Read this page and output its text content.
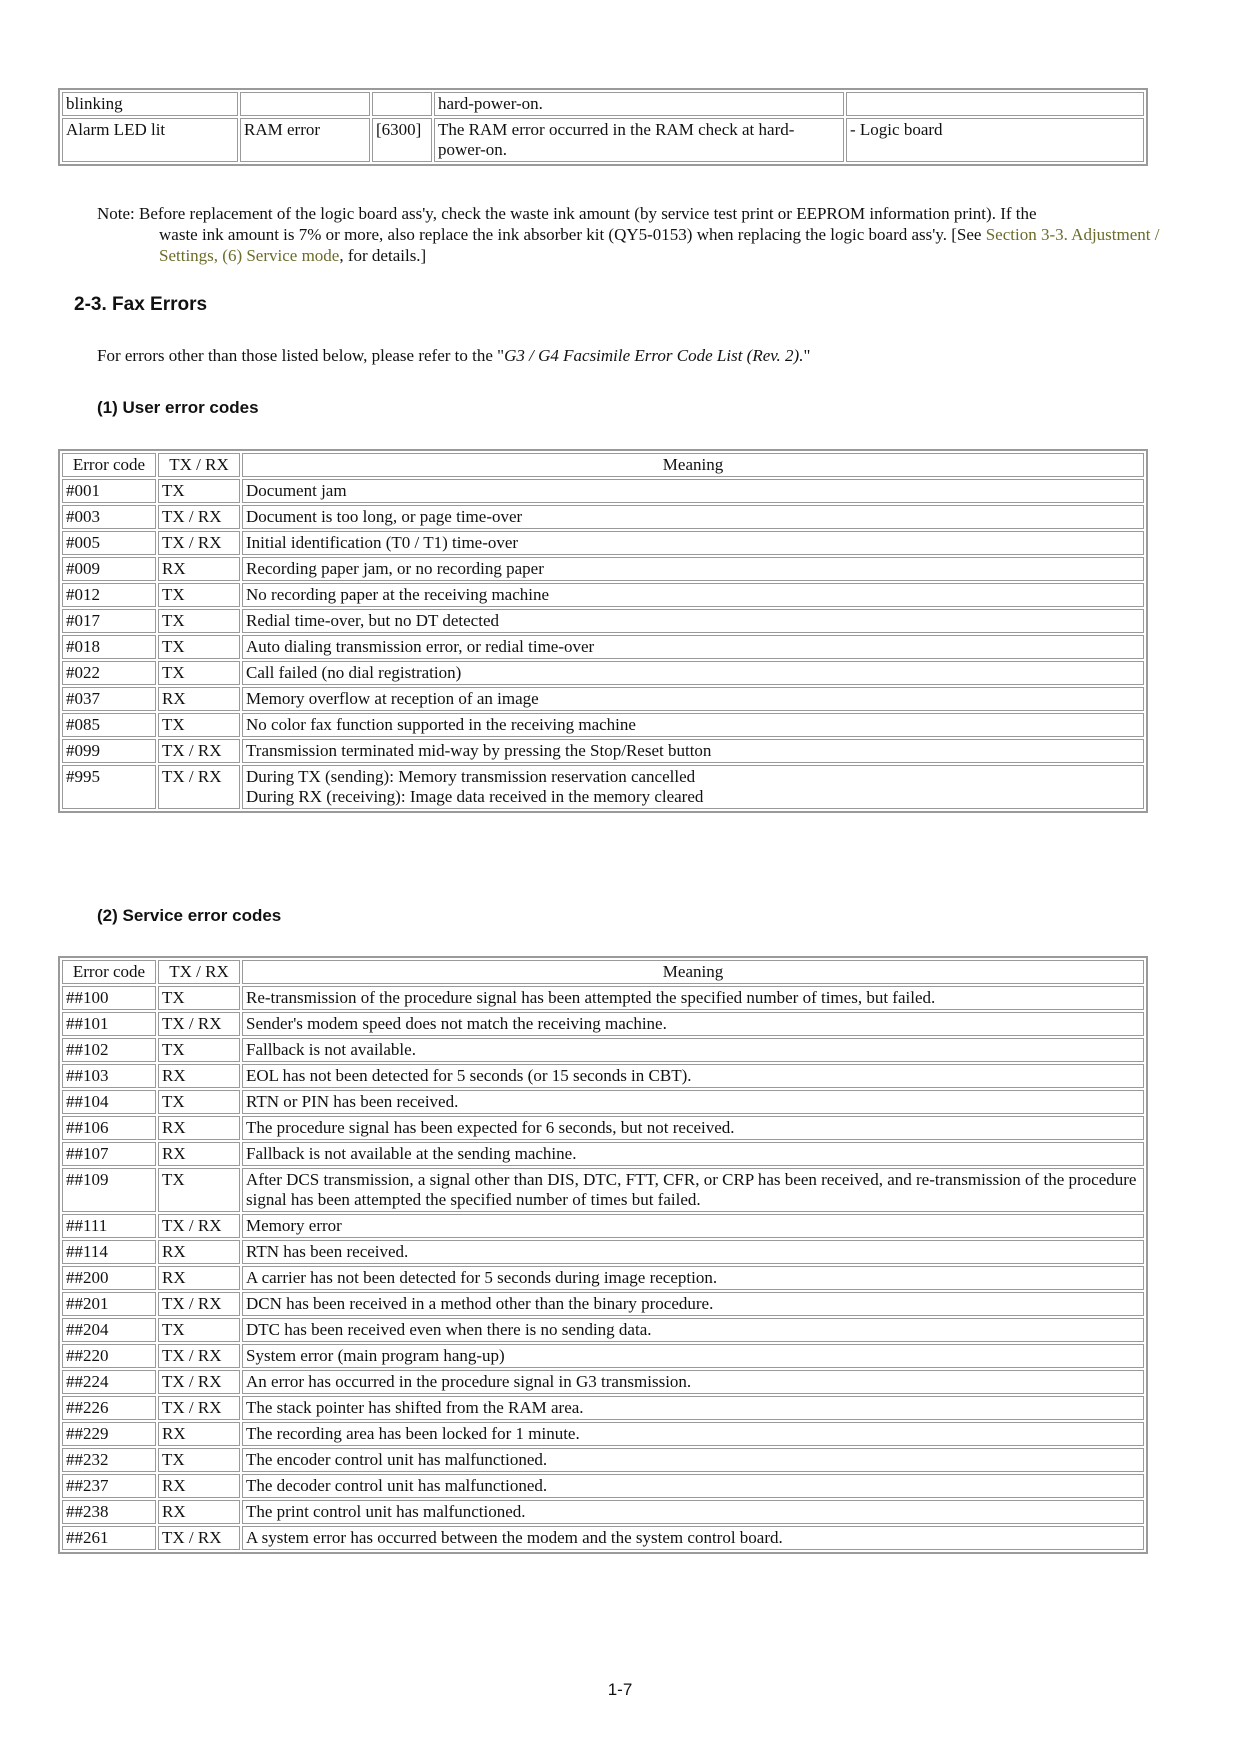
blinking			hard-power-on.	
Alarm LED lit	RAM error	[6300]	The RAM error occurred in the RAM check at hard-power-on.	- Logic board
Note: Before replacement of the logic board ass'y, check the waste ink amount (by service test print or EEPROM information print). If the
waste ink amount is 7% or more, also replace the ink absorber kit (QY5-0153) when replacing the logic board ass'y. [See Section 3-3. Adjustment / Settings, (6) Service mode, for details.]
2-3. Fax Errors

For errors other than those listed below, please refer to the "G3 / G4 Facsimile Error Code List (Rev. 2)."

(1) User error codes
Error code	TX / RX	Meaning
#001	TX	Document jam
#003	TX / RX	Document is too long, or page time-over
#005	TX / RX	Initial identification (T0 / T1) time-over
#009	RX	Recording paper jam, or no recording paper
#012	TX	No recording paper at the receiving machine
#017	TX	Redial time-over, but no DT detected
#018	TX	Auto dialing transmission error, or redial time-over
#022	TX	Call failed (no dial registration)
#037	RX	Memory overflow at reception of an image
#085	TX	No color fax function supported in the receiving machine
#099	TX / RX	Transmission terminated mid-way by pressing the Stop/Reset button
#995	TX / RX	During TX (sending): Memory transmission reservation cancelled
During RX (receiving): Image data received in the memory cleared
(2) Service error codes
Error code	TX / RX	Meaning
##100	TX	Re-transmission of the procedure signal has been attempted the specified number of times, but failed.
##101	TX / RX	Sender's modem speed does not match the receiving machine.
##102	TX	Fallback is not available.
##103	RX	EOL has not been detected for 5 seconds (or 15 seconds in CBT).
##104	TX	RTN or PIN has been received.
##106	RX	The procedure signal has been expected for 6 seconds, but not received.
##107	RX	Fallback is not available at the sending machine.
##109	TX	After DCS transmission, a signal other than DIS, DTC, FTT, CFR, or CRP has been received, and re-transmission of the procedure signal has been attempted the specified number of times but failed.
##111	TX / RX	Memory error
##114	RX	RTN has been received.
##200	RX	A carrier has not been detected for 5 seconds during image reception.
##201	TX / RX	DCN has been received in a method other than the binary procedure.
##204	TX	DTC has been received even when there is no sending data.
##220	TX / RX	System error (main program hang-up)
##224	TX / RX	An error has occurred in the procedure signal in G3 transmission.
##226	TX / RX	The stack pointer has shifted from the RAM area.
##229	RX	The recording area has been locked for 1 minute.
##232	TX	The encoder control unit has malfunctioned.
##237	RX	The decoder control unit has malfunctioned.
##238	RX	The print control unit has malfunctioned.
##261	TX / RX	A system error has occurred between the modem and the system control board.
1-7
